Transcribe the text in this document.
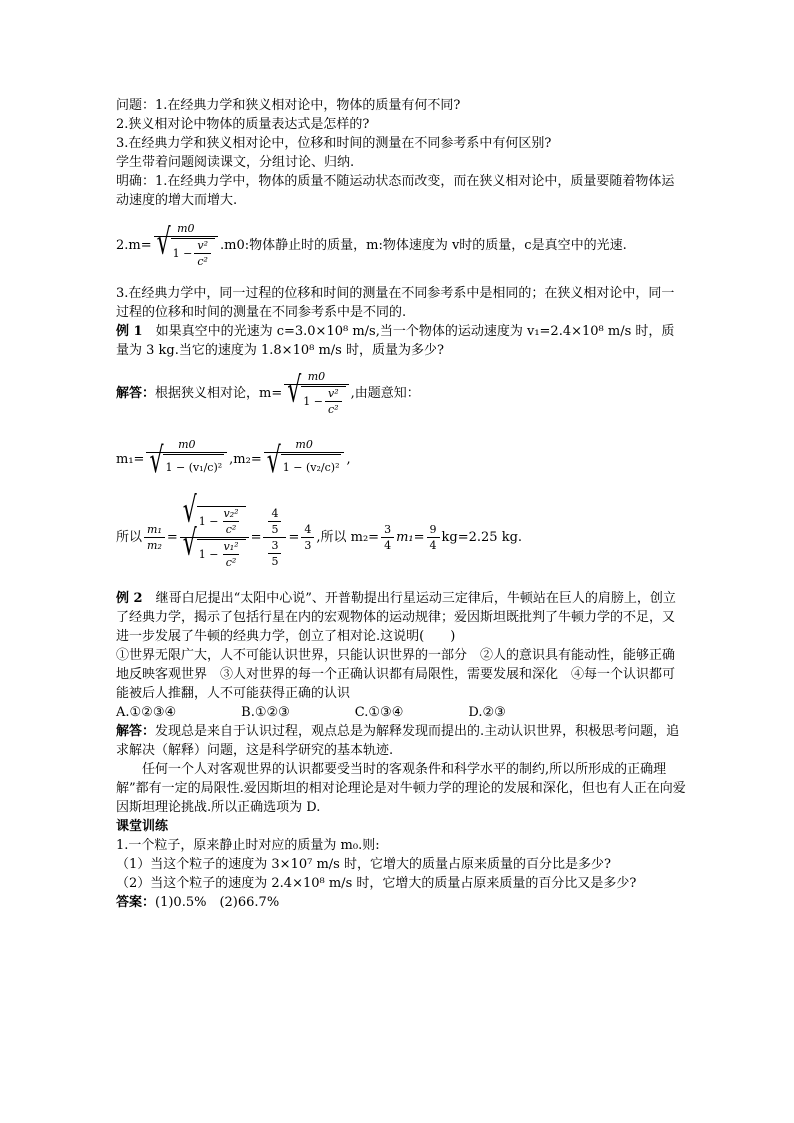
问题：1.在经典力学和狭义相对论中，物体的质量有何不同?
2.狭义相对论中物体的质量表达式是怎样的?
3.在经典力学和狭义相对论中，位移和时间的测量在不同参考系中有何区别?
学生带着问题阅读课文，分组讨论、归纳.
明确：1.在经典力学中，物体的质量不随运动状态而改变，而在狭义相对论中，质量要随着物体运动速度的增大而增大.
2.m=
m0
√ $1 - \frac{\text{v²}}{\text{c²}} .m0$:物体静止时的质量，m:物体速度为 v时的质量，c是真空中的光速.
3.在经典力学中，同一过程的位移和时间的测量在不同参考系中是相同的；在狭义相对论中，同一过程的位移和时间的测量在不同参考系中是不同的.
例 1　如果真空中的光速为 c=3.0×10⁸ m/s,当一个物体的运动速度为 v₁=2.4×10⁸ m/s 时，质量为 3 kg.当它的速度为 1.8×10⁸ m/s 时，质量为多少?
解答： 根据狭义相对论，m=
m0
√ $1 - \frac{\text{v²}}{\text{c²}}$ ,由题意知：
m₁= m0
√ 1 −
(v₁/c)² ,m₂= m0
√ 1 −
(v₂/c)² ,
所以 $\frac{\text{m₁}}{\text{m₂}}$ =
√ $1 - \frac{\text{v₂²}}{\text{c²}}$
√ $1 - \frac{\text{v₁²}}{\text{c²}}$
= $\frac{\frac{4}{5}}{\frac{3}{5}} = \frac{4}{3}$ ,所以 $m_2= \frac{3}{4} m_1 = \frac{9}{4} kg=2.25$ kg.
例 2　继哥白尼提出“太阳中心说”、开普勒提出行星运动三定律后，牛顿站在巨人的肩膀上，创立了经典力学，揭示了包括行星在内的宏观物体的运动规律；爱因斯坦既批判了牛顿力学的不足，又进一步发展了牛顿的经典力学，创立了相对论.这说明(　　)
①世界无限广大，人不可能认识世界，只能认识世界的一部分　②人的意识具有能动性，能够正确地反映客观世界　③人对世界的每一个正确认识都有局限性，需要发展和深化　④每一个认识都可能被后人推翻，人不可能获得正确的认识
A.①②③④　　　　　B.①②③　　　　　C.①③④　　　　　D.②③
解答：发现总是来自于认识过程，观点总是为解释发现而提出的.主动认识世界，积极思考问题，追求解决（解释）问题，这是科学研究的基本轨迹.
任何一个人对客观世界的认识都要受当时的客观条件和科学水平的制约,所以所形成的正确理解”都有一定的局限性.爱因斯坦的相对论理论是对牛顿力学的理论的发展和深化，但也有人正在向爱因斯坦理论挑战.所以正确选项为 D.
课堂训练
1.一个粒子，原来静止时对应的质量为 m₀.则:
（1）当这个粒子的速度为 3×10⁷ m/s 时，它增大的质量占原来质量的百分比是多少?
（2）当这个粒子的速度为 2.4×10⁸ m/s 时，它增大的质量占原来质量的百分比又是多少?
答案：(1)0.5%　(2)66.7%
